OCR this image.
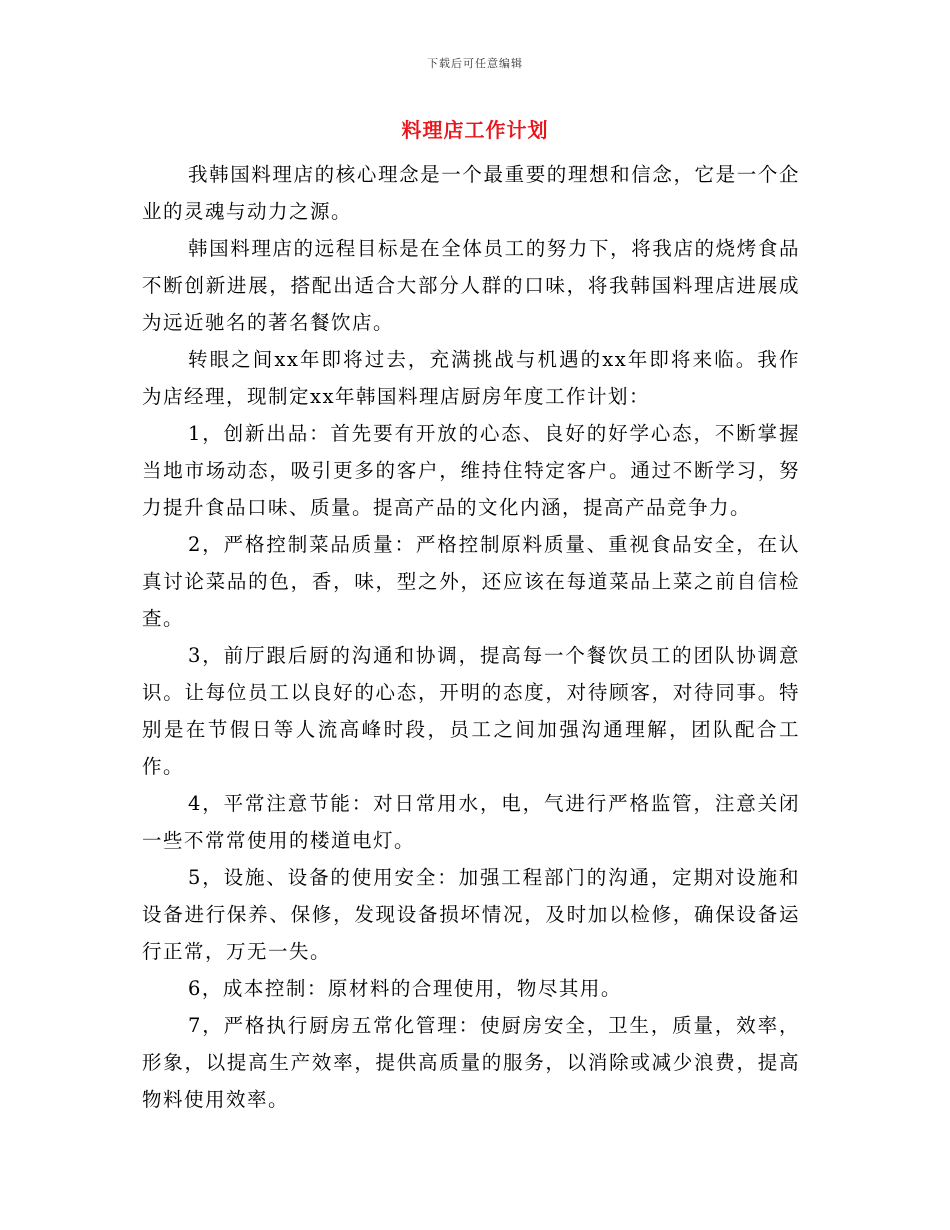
下载后可任意编辑
料理店工作计划

我韩国料理店的核心理念是一个最重要的理想和信念，它是一个企业的灵魂与动力之源。

韩国料理店的远程目标是在全体员工的努力下，将我店的烧烤食品不断创新进展，搭配出适合大部分人群的口味，将我韩国料理店进展成为远近驰名的著名餐饮店。

转眼之间xx年即将过去，充满挑战与机遇的xx年即将来临。我作为店经理，现制定xx年韩国料理店厨房年度工作计划：

1，创新出品：首先要有开放的心态、良好的好学心态，不断掌握当地市场动态，吸引更多的客户，维持住特定客户。通过不断学习，努力提升食品口味、质量。提高产品的文化内涵，提高产品竞争力。

2，严格控制菜品质量：严格控制原料质量、重视食品安全，在认真讨论菜品的色，香，味，型之外，还应该在每道菜品上菜之前自信检查。

3，前厅跟后厨的沟通和协调，提高每一个餐饮员工的团队协调意识。让每位员工以良好的心态，开明的态度，对待顾客，对待同事。特别是在节假日等人流高峰时段，员工之间加强沟通理解，团队配合工作。

4，平常注意节能：对日常用水，电，气进行严格监管，注意关闭一些不常常使用的楼道电灯。

5，设施、设备的使用安全：加强工程部门的沟通，定期对设施和设备进行保养、保修，发现设备损坏情况，及时加以检修，确保设备运行正常，万无一失。

6，成本控制：原材料的合理使用，物尽其用。

7，严格执行厨房五常化管理：使厨房安全，卫生，质量，效率，形象，以提高生产效率，提供高质量的服务，以消除或减少浪费，提高物料使用效率。
